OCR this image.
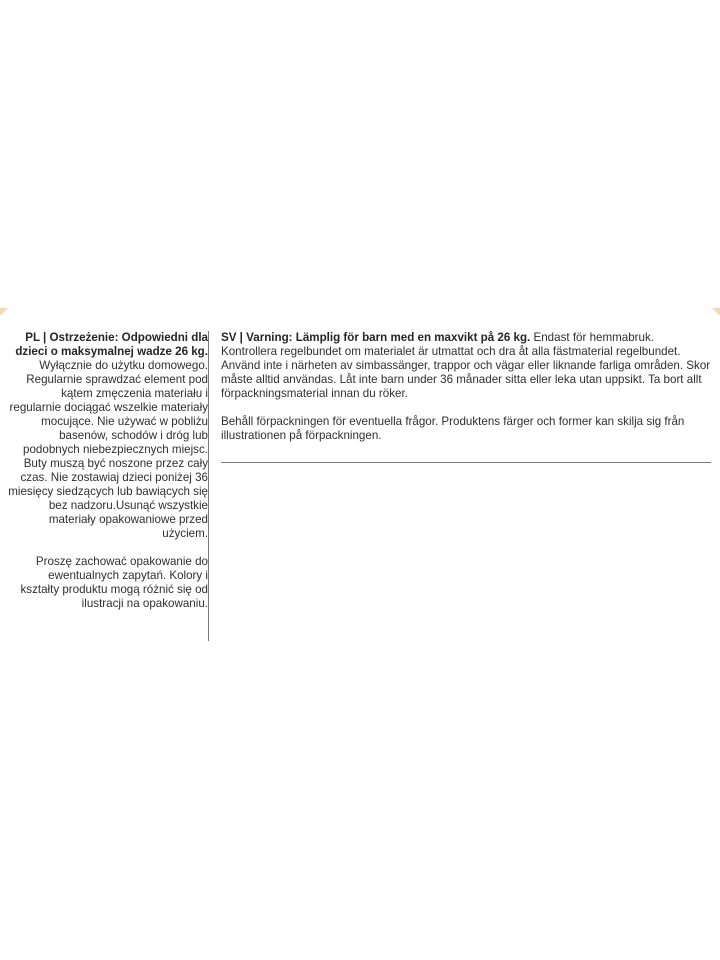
PL | Ostrzeżenie: Odpowiedni dla dzieci o maksymalnej wadze 26 kg. Wyłącznie do użytku domowego. Regularnie sprawdzać element pod kątem zmęczenia materiału i regularnie dociągać wszelkie materiały mocujące. Nie używać w pobliżu basenów, schodów i dróg lub podobnych niebezpiecznych miejsc. Buty muszą być noszone przez cały czas. Nie zostawiaj dzieci poniżej 36 miesięcy siedzących lub bawiących się bez nadzoru.Usunąć wszystkie materiały opakowaniowe przed użyciem.

Proszę zachować opakowanie do ewentualnych zapytań. Kolory i kształty produktu mogą różnić się od ilustracji na opakowaniu.

SV | Varning: Lämplig för barn med en maxvikt på 26 kg. Endast för hemmabruk. Kontrollera regelbundet om materialet är utmattat och dra åt alla fästmaterial regelbundet. Använd inte i närheten av simbassänger, trappor och vägar eller liknande farliga områden. Skor måste alltid användas. Låt inte barn under 36 månader sitta eller leka utan uppsikt. Ta bort allt förpackningsmaterial innan du röker.

Behåll förpackningen för eventuella frågor. Produktens färger och former kan skilja sig från illustrationen på förpackningen.
